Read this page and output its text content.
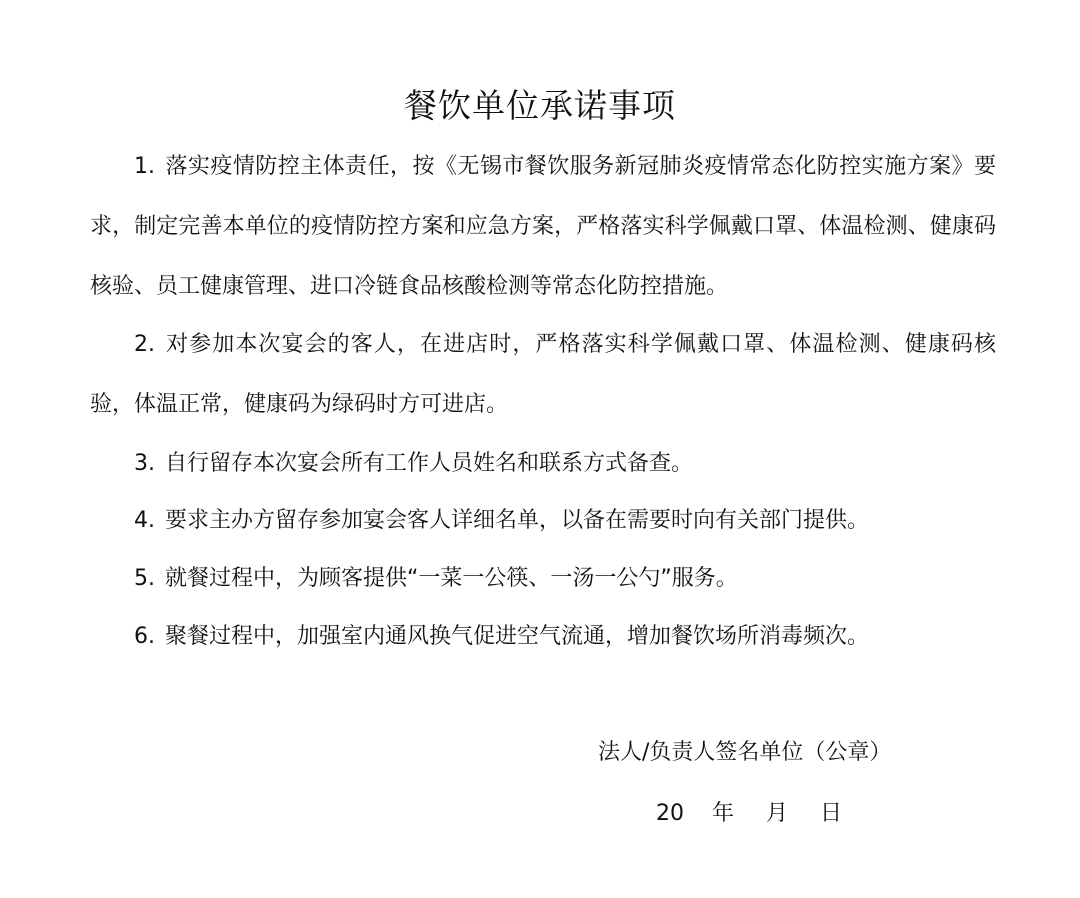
餐饮单位承诺事项
1. 落实疫情防控主体责任，按《无锡市餐饮服务新冠肺炎疫情常态化防控实施方案》要求，制定完善本单位的疫情防控方案和应急方案，严格落实科学佩戴口罩、体温检测、健康码核验、员工健康管理、进口冷链食品核酸检测等常态化防控措施。
2. 对参加本次宴会的客人，在进店时，严格落实科学佩戴口罩、体温检测、健康码核验，体温正常，健康码为绿码时方可进店。
3. 自行留存本次宴会所有工作人员姓名和联系方式备查。
4. 要求主办方留存参加宴会客人详细名单，以备在需要时向有关部门提供。
5. 就餐过程中，为顾客提供“一菜一公筷、一汤一公勺”服务。
6. 聚餐过程中，加强室内通风换气促进空气流通，增加餐饮场所消毒频次。
法人/负责人签名单位（公章）
20 年 月 日
